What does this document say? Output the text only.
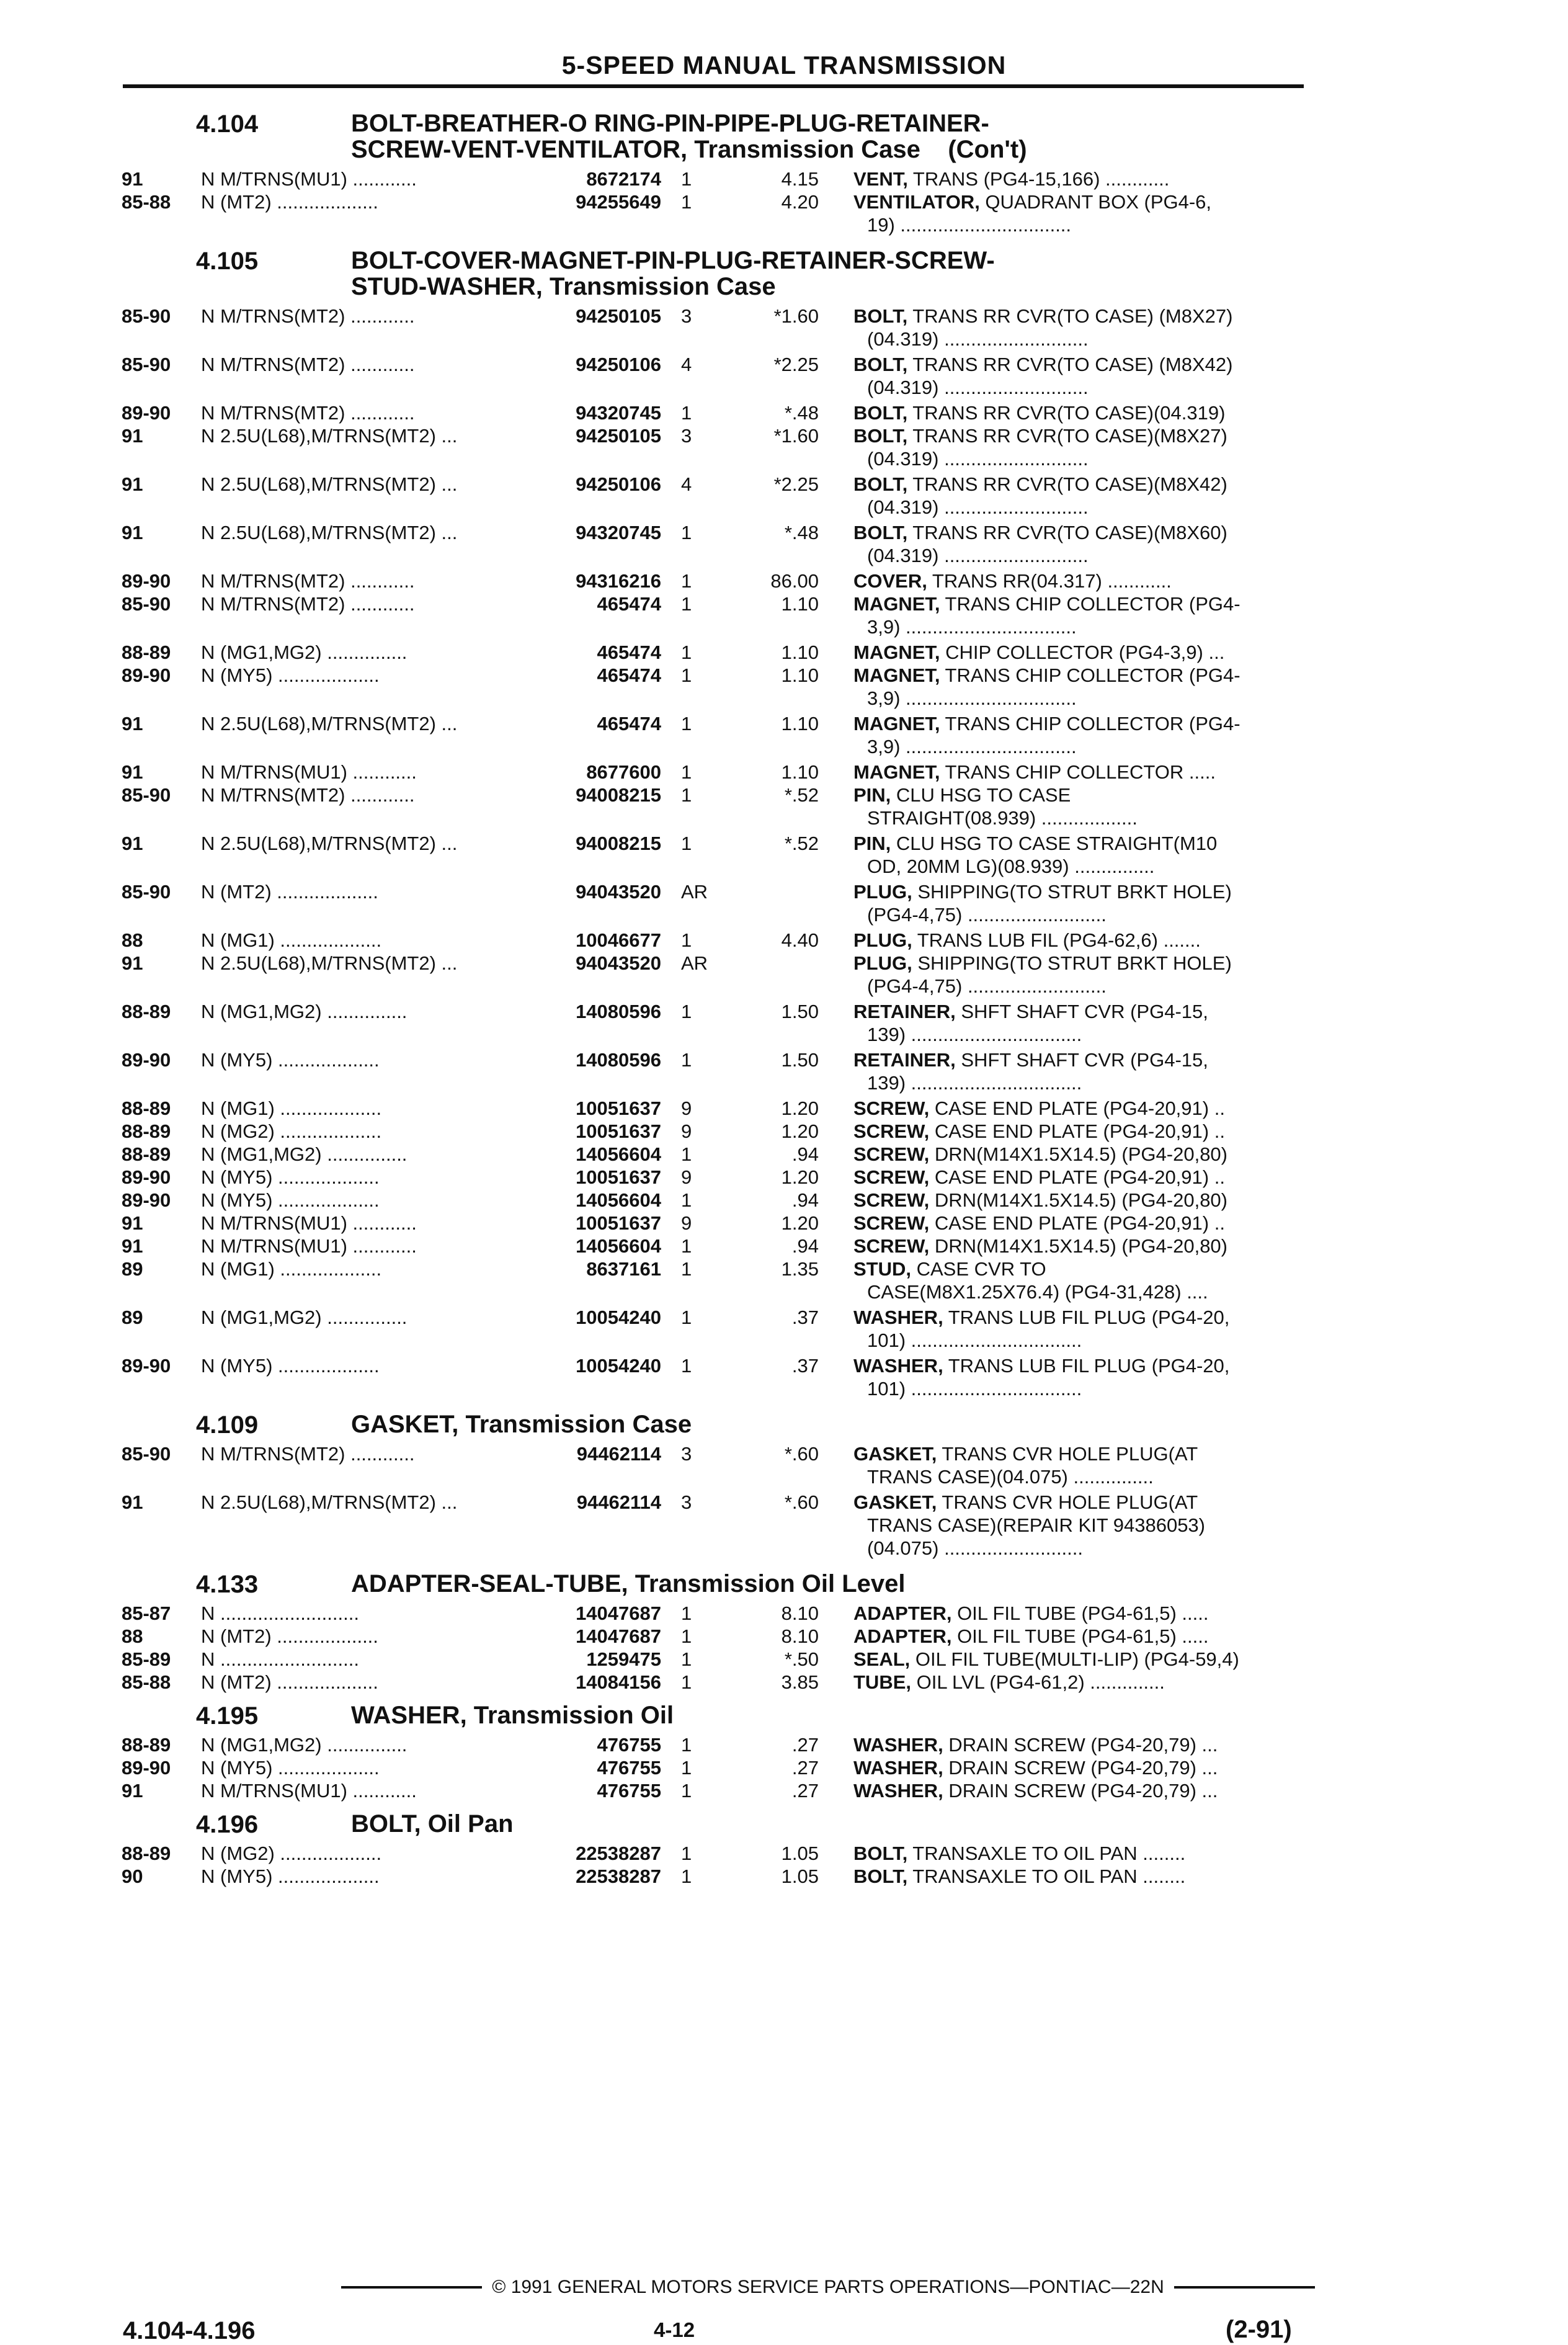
5-SPEED MANUAL TRANSMISSION
4.104	BOLT-BREATHER-O RING-PIN-PIPE-PLUG-RETAINER-
SCREW-VENT-VENTILATOR, Transmission Case    (Con't)
91	N M/TRNS(MU1) ............	8672174 1	4.15 VENT, TRANS (PG4-15,166) ............
85-88 N (MT2) ...................	94255649 1	4.20 VENTILATOR, QUADRANT BOX (PG4-6,
19) ................................
4.105	BOLT-COVER-MAGNET-PIN-PLUG-RETAINER-SCREW-
STUD-WASHER, Transmission Case
85-90 N M/TRNS(MT2) ............	94250105 3	*1.60 BOLT, TRANS RR CVR(TO CASE) (M8X27)
(04.319) ...........................
85-90 N M/TRNS(MT2) ............	94250106 4	*2.25 BOLT, TRANS RR CVR(TO CASE) (M8X42)
(04.319) ...........................
89-90 N M/TRNS(MT2) ............	94320745 1	*.48 BOLT, TRANS RR CVR(TO CASE)(04.319)
91	N 2.5U(L68),M/TRNS(MT2) ...	94250105 3	*1.60 BOLT, TRANS RR CVR(TO CASE)(M8X27)
(04.319) ...........................
91	N 2.5U(L68),M/TRNS(MT2) ...	94250106 4	*2.25 BOLT, TRANS RR CVR(TO CASE)(M8X42)
(04.319) ...........................
91	N 2.5U(L68),M/TRNS(MT2) ...	94320745 1	*.48 BOLT, TRANS RR CVR(TO CASE)(M8X60)
(04.319) ...........................
89-90 N M/TRNS(MT2) ............	94316216 1	86.00 COVER, TRANS RR(04.317) ............
85-90 N M/TRNS(MT2) ............	465474 1	1.10 MAGNET, TRANS CHIP COLLECTOR (PG4-
3,9) ................................
88-89 N (MG1,MG2) ...............	465474 1	1.10 MAGNET, CHIP COLLECTOR (PG4-3,9) ...
89-90 N (MY5) ...................	465474 1	1.10 MAGNET, TRANS CHIP COLLECTOR (PG4-
3,9) ................................
91	N 2.5U(L68),M/TRNS(MT2) ...	465474 1	1.10 MAGNET, TRANS CHIP COLLECTOR (PG4-
3,9) ................................
91	N M/TRNS(MU1) ............	8677600 1	1.10 MAGNET, TRANS CHIP COLLECTOR .....
85-90 N M/TRNS(MT2) ............	94008215 1	*.52 PIN, CLU HSG TO CASE
STRAIGHT(08.939) ..................
91	N 2.5U(L68),M/TRNS(MT2) ...	94008215 1	*.52 PIN, CLU HSG TO CASE STRAIGHT(M10
OD, 20MM LG)(08.939) ...............
85-90 N (MT2) ...................	94043520 AR	PLUG, SHIPPING(TO STRUT BRKT HOLE)
(PG4-4,75) ..........................
88	N (MG1) ...................	10046677 1	4.40 PLUG, TRANS LUB FIL (PG4-62,6) .......
91	N 2.5U(L68),M/TRNS(MT2) ...	94043520 AR	PLUG, SHIPPING(TO STRUT BRKT HOLE)
(PG4-4,75) ..........................
88-89 N (MG1,MG2) ...............	14080596 1	1.50 RETAINER, SHFT SHAFT CVR (PG4-15,
139) ................................
89-90 N (MY5) ...................	14080596 1	1.50 RETAINER, SHFT SHAFT CVR (PG4-15,
139) ................................
88-89 N (MG1) ...................	10051637 9	1.20 SCREW, CASE END PLATE (PG4-20,91) ..
88-89 N (MG2) ...................	10051637 9	1.20 SCREW, CASE END PLATE (PG4-20,91) ..
88-89 N (MG1,MG2) ...............	14056604 1	.94 SCREW, DRN(M14X1.5X14.5) (PG4-20,80)
89-90 N (MY5) ...................	10051637 9	1.20 SCREW, CASE END PLATE (PG4-20,91) ..
89-90 N (MY5) ...................	14056604 1	.94 SCREW, DRN(M14X1.5X14.5) (PG4-20,80)
91	N M/TRNS(MU1) ............	10051637 9	1.20 SCREW, CASE END PLATE (PG4-20,91) ..
91	N M/TRNS(MU1) ............	14056604 1	.94 SCREW, DRN(M14X1.5X14.5) (PG4-20,80)
89	N (MG1) ...................	8637161 1	1.35 STUD, CASE CVR TO
CASE(M8X1.25X76.4) (PG4-31,428) ....
89	N (MG1,MG2) ...............	10054240 1	.37 WASHER, TRANS LUB FIL PLUG (PG4-20,
101) ................................
89-90 N (MY5) ...................	10054240 1	.37 WASHER, TRANS LUB FIL PLUG (PG4-20,
101) ................................
4.109	GASKET, Transmission Case
85-90 N M/TRNS(MT2) ............	94462114 3	*.60 GASKET, TRANS CVR HOLE PLUG(AT
TRANS CASE)(04.075) ...............
91	N 2.5U(L68),M/TRNS(MT2) ...	94462114 3	*.60 GASKET, TRANS CVR HOLE PLUG(AT
TRANS CASE)(REPAIR KIT 94386053)
(04.075) ..........................
4.133	ADAPTER-SEAL-TUBE, Transmission Oil Level
85-87 N ..........................	14047687 1	8.10 ADAPTER, OIL FIL TUBE (PG4-61,5) .....
88	N (MT2) ...................	14047687 1	8.10 ADAPTER, OIL FIL TUBE (PG4-61,5) .....
85-89 N ..........................	1259475 1	*.50 SEAL, OIL FIL TUBE(MULTI-LIP) (PG4-59,4)
85-88 N (MT2) ...................	14084156 1	3.85 TUBE, OIL LVL (PG4-61,2) ..............
4.195	WASHER, Transmission Oil
88-89 N (MG1,MG2) ...............	476755 1	.27 WASHER, DRAIN SCREW (PG4-20,79) ...
89-90 N (MY5) ...................	476755 1	.27 WASHER, DRAIN SCREW (PG4-20,79) ...
91	N M/TRNS(MU1) ............	476755 1	.27 WASHER, DRAIN SCREW (PG4-20,79) ...
4.196	BOLT, Oil Pan
88-89 N (MG2) ...................	22538287 1	1.05 BOLT, TRANSAXLE TO OIL PAN ........
90	N (MY5) ...................	22538287 1	1.05 BOLT, TRANSAXLE TO OIL PAN ........
© 1991 GENERAL MOTORS SERVICE PARTS OPERATIONS—PONTIAC—22N
4.104-4.196	4-12	(2-91)
